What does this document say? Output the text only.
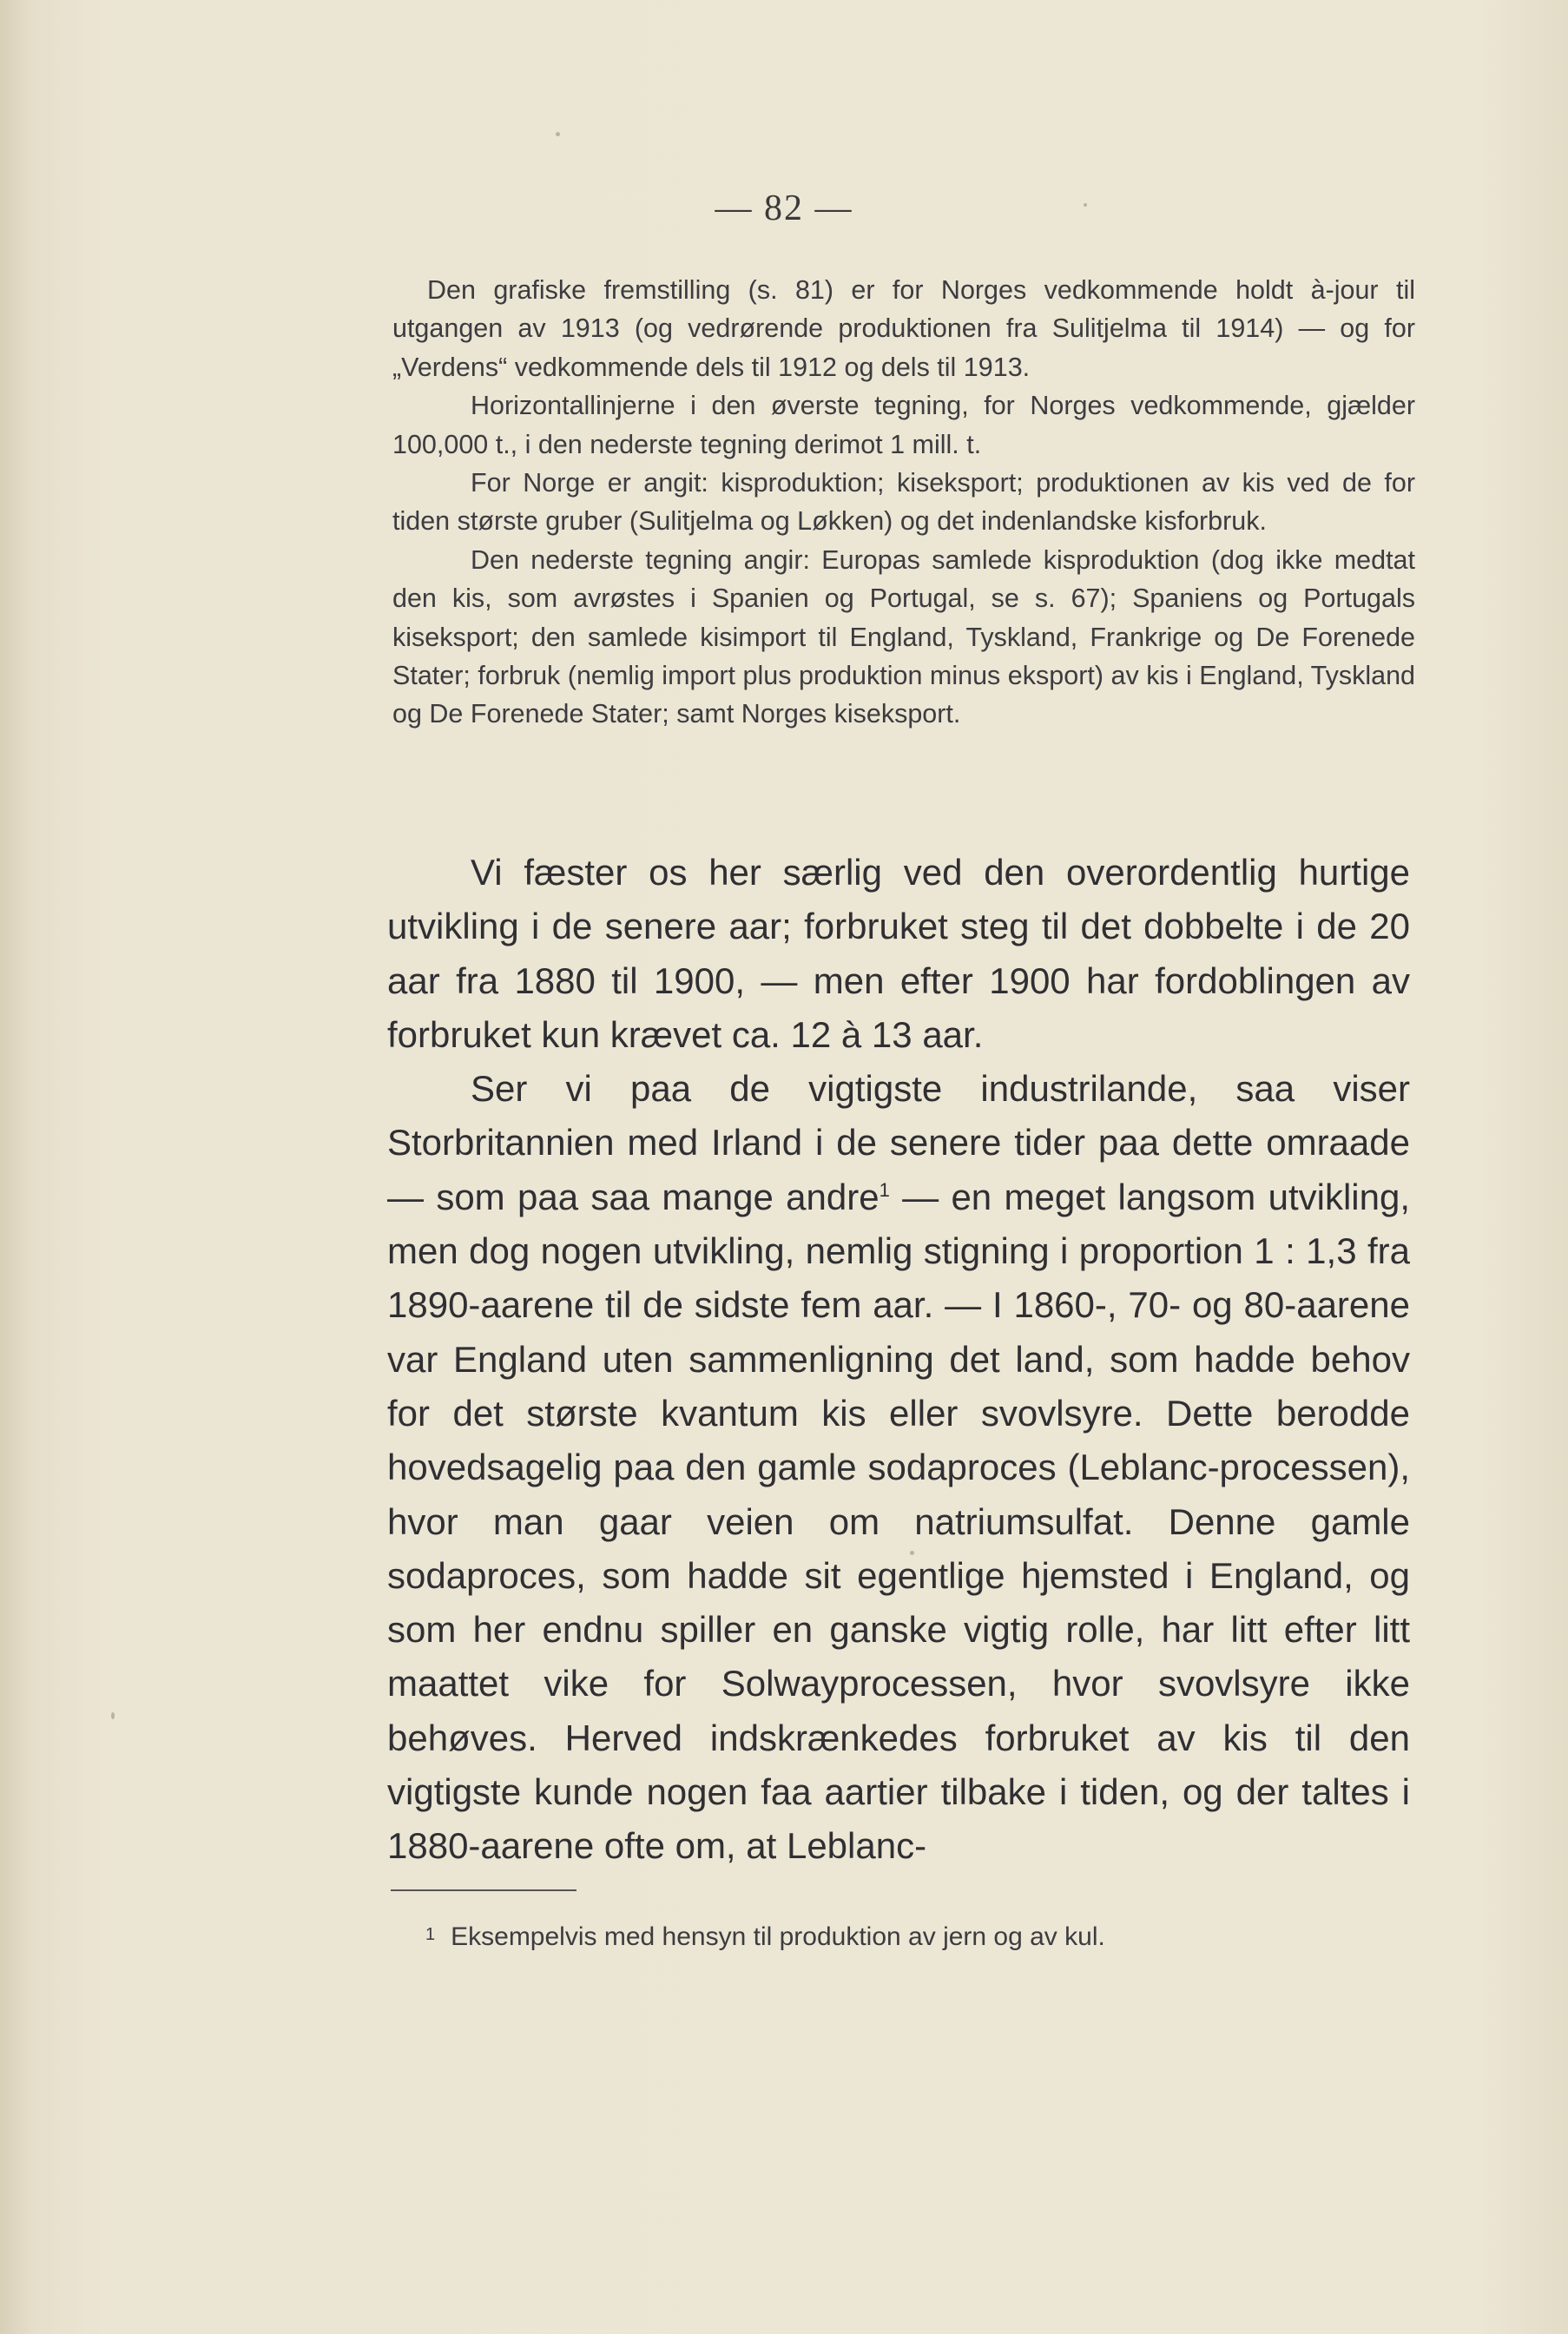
— 82 —

Den grafiske fremstilling (s. 81) er for Norges vedkommende holdt à-jour til utgangen av 1913 (og vedrørende produktionen fra Sulitjelma til 1914) — og for „Verdens“ vedkommende dels til 1912 og dels til 1913.

Horizontallinjerne i den øverste tegning, for Norges vedkommende, gjælder 100,000 t., i den nederste tegning derimot 1 mill. t.

For Norge er angit: kisproduktion; kiseksport; produktionen av kis ved de for tiden største gruber (Sulitjelma og Løkken) og det indenlandske kisforbruk.

Den nederste tegning angir: Europas samlede kisproduktion (dog ikke medtat den kis, som avrøstes i Spanien og Portugal, se s. 67); Spaniens og Portugals kiseksport; den samlede kisimport til England, Tyskland, Frankrige og De Forenede Stater; forbruk (nemlig import plus produktion minus eksport) av kis i England, Tyskland og De Forenede Stater; samt Norges kiseksport.

Vi fæster os her særlig ved den overordentlig hurtige utvikling i de senere aar; forbruket steg til det dobbelte i de 20 aar fra 1880 til 1900, — men efter 1900 har fordoblingen av forbruket kun krævet ca. 12 à 13 aar.

Ser vi paa de vigtigste industrilande, saa viser Storbritannien med Irland i de senere tider paa dette omraade — som paa saa mange andre$^1$ — en meget langsom utvikling, men dog nogen utvikling, nemlig stigning i proportion 1 : 1,3 fra 1890-aarene til de sidste fem aar. — I 1860-, 70- og 80-aarene var England uten sammenligning det land, som hadde behov for det største kvantum kis eller svovlsyre. Dette berodde hovedsagelig paa den gamle sodaproces (Leblanc-processen), hvor man gaar veien om natriumsulfat. Denne gamle sodaproces, som hadde sit egentlige hjemsted i England, og som her endnu spiller en ganske vigtig rolle, har litt efter litt maattet vike for Solwayprocessen, hvor svovlsyre ikke behøves. Herved indskrænkedes forbruket av kis til den vigtigste kunde nogen faa aartier tilbake i tiden, og der taltes i 1880-aarene ofte om, at Leblanc-

$^1$ Eksempelvis med hensyn til produktion av jern og av kul.
